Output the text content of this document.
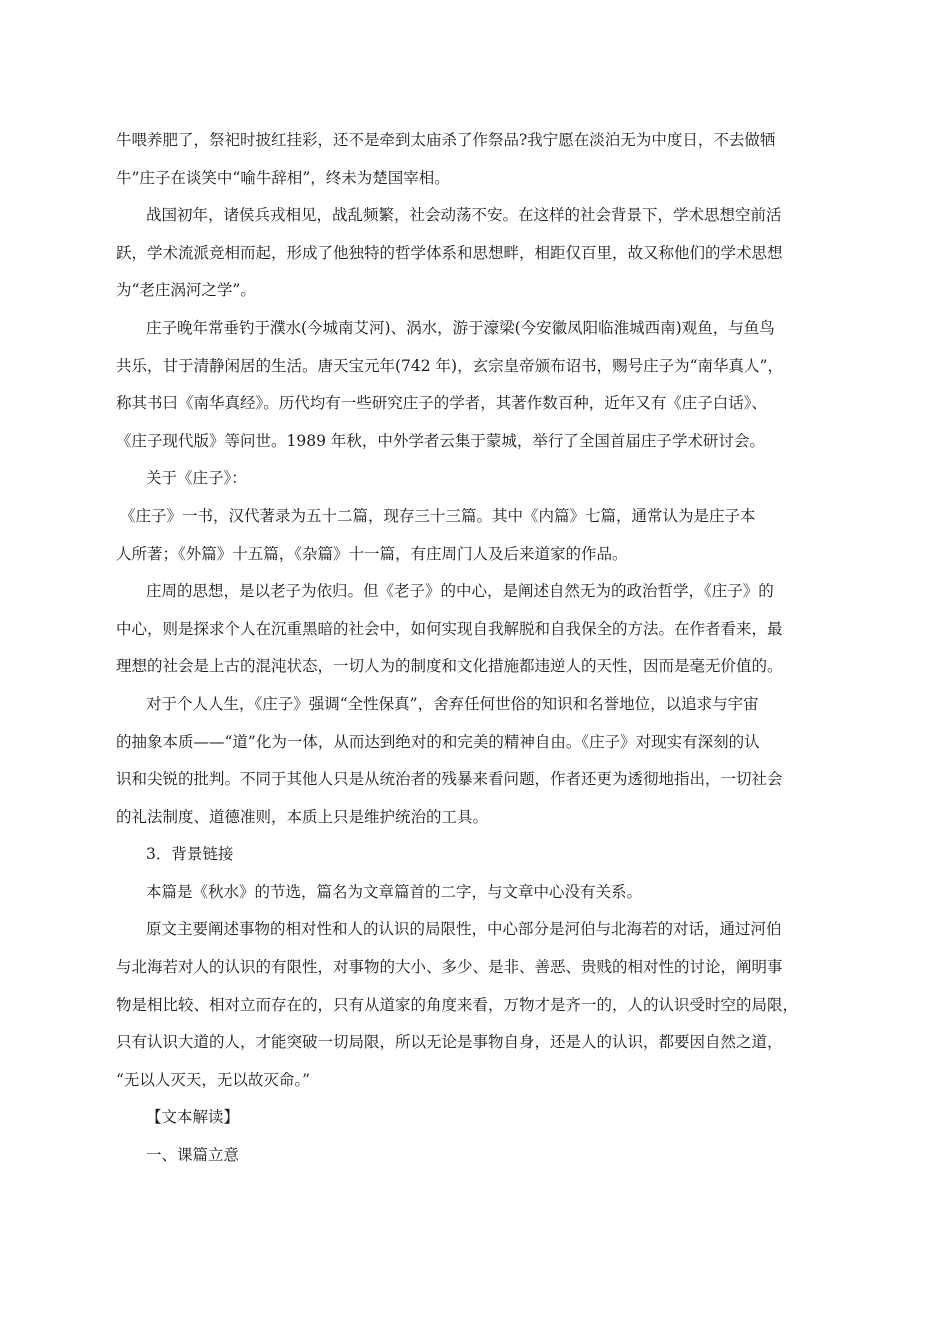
牛喂养肥了，祭祀时披红挂彩，还不是牵到太庙杀了作祭品?我宁愿在淡泊无为中度日，不去做牺
牛”庄子在谈笑中“喻牛辞相”，终未为楚国宰相。
战国初年，诸侯兵戎相见，战乱频繁，社会动荡不安。在这样的社会背景下，学术思想空前活
跃，学术流派竞相而起，形成了他独特的哲学体系和思想畔，相距仅百里，故又称他们的学术思想
为“老庄涡河之学”。
庄子晚年常垂钓于濮水(今城南艾河)、涡水，游于濠梁(今安徽凤阳临淮城西南)观鱼，与鱼鸟
共乐，甘于清静闲居的生活。唐天宝元年(742 年)，玄宗皇帝颁布诏书，赐号庄子为“南华真人”，
称其书曰《南华真经》。历代均有一些研究庄子的学者，其著作数百种，近年又有《庄子白话》、
《庄子现代版》等问世。1989 年秋，中外学者云集于蒙城，举行了全国首届庄子学术研讨会。
关于《庄子》：
《庄子》一书，汉代著录为五十二篇，现存三十三篇。其中《内篇》七篇，通常认为是庄子本
人所著；《外篇》十五篇，《杂篇》十一篇，有庄周门人及后来道家的作品。
庄周的思想，是以老子为依归。但《老子》的中心，是阐述自然无为的政治哲学，《庄子》的
中心，则是探求个人在沉重黑暗的社会中，如何实现自我解脱和自我保全的方法。在作者看来，最
理想的社会是上古的混沌状态，一切人为的制度和文化措施都违逆人的天性，因而是毫无价值的。
对于个人人生，《庄子》强调“全性保真”，舍弃任何世俗的知识和名誉地位，以追求与宇宙
的抽象本质——“道”化为一体，从而达到绝对的和完美的精神自由。《庄子》对现实有深刻的认
识和尖锐的批判。不同于其他人只是从统治者的残暴来看问题，作者还更为透彻地指出，一切社会
的礼法制度、道德准则，本质上只是维护统治的工具。
3．背景链接
本篇是《秋水》的节选，篇名为文章篇首的二字，与文章中心没有关系。
原文主要阐述事物的相对性和人的认识的局限性，中心部分是河伯与北海若的对话，通过河伯
与北海若对人的认识的有限性，对事物的大小、多少、是非、善恶、贵贱的相对性的讨论，阐明事
物是相比较、相对立而存在的，只有从道家的角度来看，万物才是齐一的，人的认识受时空的局限，
只有认识大道的人，才能突破一切局限，所以无论是事物自身，还是人的认识，都要因自然之道，
“无以人灭天，无以故灭命。”
【文本解读】
一、课篇立意
